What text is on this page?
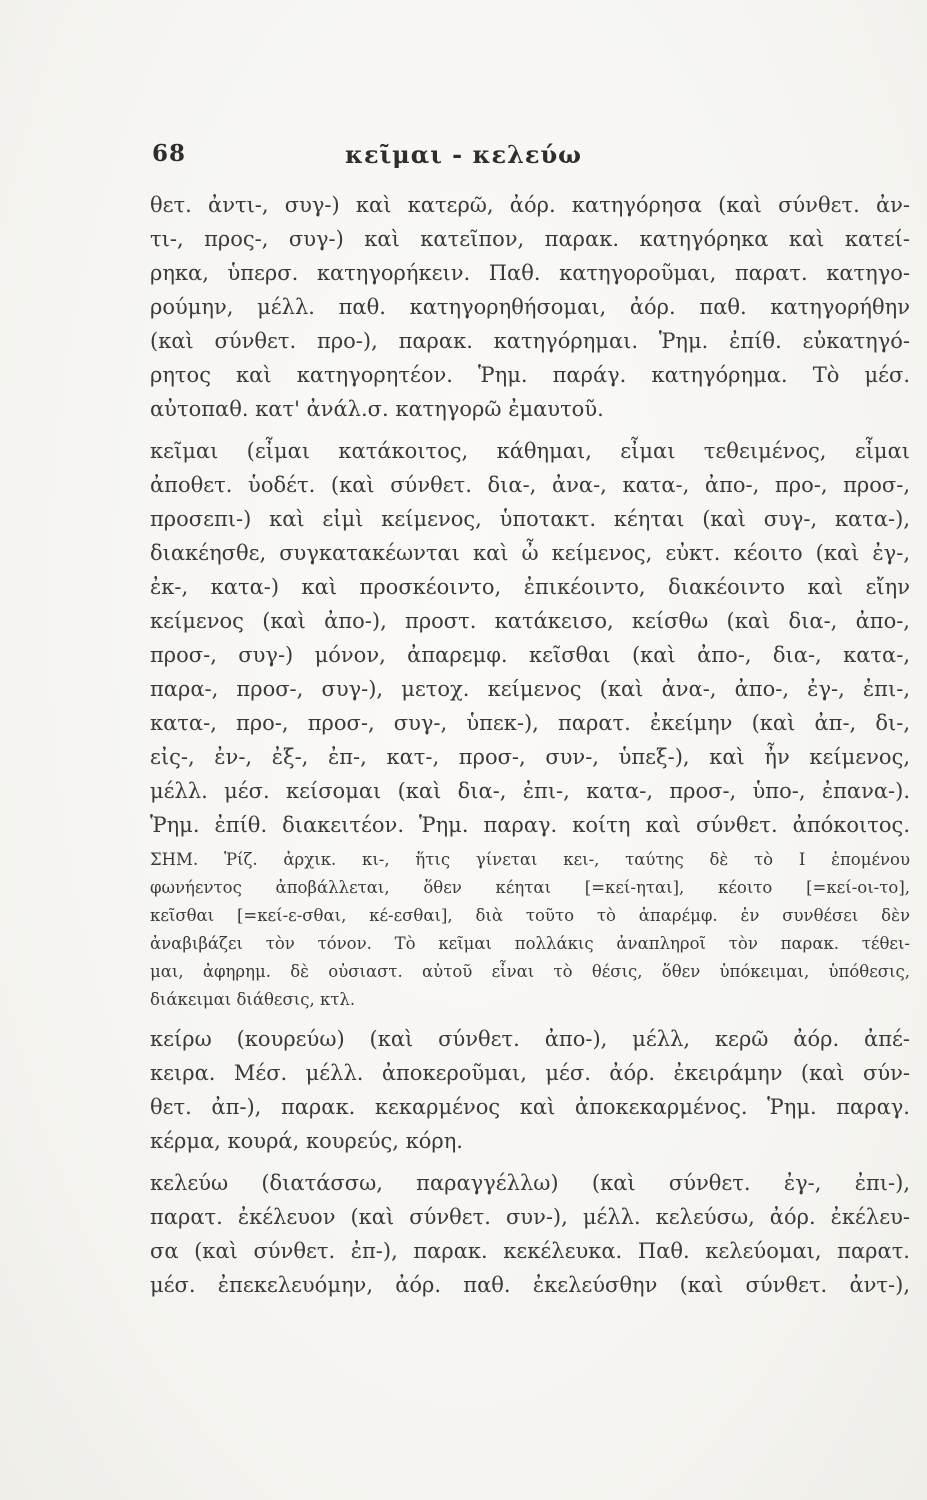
68	κεῖμαι - κελεύω
θετ. ἀντι-, συγ-) καὶ κατερῶ, ἀόρ. κατηγόρησα (καὶ σύνθετ. ἀν-
τι-, προς-, συγ-) καὶ κατεῖπον, παρακ. κατηγόρηκα καὶ κατεί-
ρηκα, ὑπερσ. κατηγορήκειν. Παθ. κατηγοροῦμαι, παρατ. κατηγο-
ρούμην, μέλλ. παθ. κατηγορηθήσομαι, ἀόρ. παθ. κατηγορήθην
(καὶ σύνθετ. προ-), παρακ. κατηγόρημαι. Ῥημ. ἐπίθ. εὐκατηγό-
ρητος καὶ κατηγορητέον. Ῥημ. παράγ. κατηγόρημα. Τὸ μέσ.
αὐτοπαθ. κατ' ἀνάλ.σ. κατηγορῶ ἐμαυτοῦ.
κεῖμαι (εἶμαι κατάκοιτος, κάθημαι, εἶμαι τεθειμένος, εἶμαι
ἀποθετ. ὑοδέτ. (καὶ σύνθετ. δια-, ἀνα-, κατα-, ἀπο-, προ-, προσ-,
προσεπι-) καὶ εἰμὶ κείμενος, ὑποτακτ. κέηται (καὶ συγ-, κατα-),
διακέησθε, συγκατακέωνται καὶ ὦ κείμενος, εὐκτ. κέοιτο (καὶ ἐγ-,
ἐκ-, κατα-) καὶ προσκέοιντο, ἐπικέοιντο, διακέοιντο καὶ εἴην
κείμενος (καὶ ἀπο-), προστ. κατάκεισο, κείσθω (καὶ δια-, ἀπο-,
προσ-, συγ-) μόνον, ἀπαρεμφ. κεῖσθαι (καὶ ἀπο-, δια-, κατα-,
παρα-, προσ-, συγ-), μετοχ. κείμενος (καὶ ἀνα-, ἀπο-, ἐγ-, ἐπι-,
κατα-, προ-, προσ-, συγ-, ὑπεκ-), παρατ. ἐκείμην (καὶ ἀπ-, δι-,
εἰς-, ἐν-, ἐξ-, ἐπ-, κατ-, προσ-, συν-, ὑπεξ-), καὶ ἦν κείμενος,
μέλλ. μέσ. κείσομαι (καὶ δια-, ἐπι-, κατα-, προσ-, ὑπο-, ἐπανα-).
Ῥημ. ἐπίθ. διακειτέον. Ῥημ. παραγ. κοίτη καὶ σύνθετ. ἀπόκοιτος.
ΣΗΜ. Ῥίζ. ἀρχικ. κι-, ἥτις γίνεται κει-, ταύτης δὲ τὸ Ι ἐπομένου
φωνήεντος ἀποβάλλεται, ὅθεν κέηται [=κεί-ηται], κέοιτο [=κεί-οι-το],
κεῖσθαι [=κεί-ε-σθαι, κέ-εσθαι], διὰ τοῦτο τὸ ἀπαρέμφ. ἐν συνθέσει δὲν
ἀναβιβάζει τὸν τόνον. Τὸ κεῖμαι πολλάκις ἀναπληροῖ τὸν παρακ. τέθει-
μαι, ἀφηρημ. δὲ οὐσιαστ. αὐτοῦ εἶναι τὸ θέσις, ὅθεν ὑπόκειμαι, ὑπόθεσις,
διάκειμαι διάθεσις, κτλ.
κείρω (κουρεύω) (καὶ σύνθετ. ἀπο-), μέλλ, κερῶ ἀόρ. ἀπέ-
κειρα. Μέσ. μέλλ. ἀποκεροῦμαι, μέσ. ἀόρ. ἐκειράμην (καὶ σύν-
θετ. ἀπ-), παρακ. κεκαρμένος καὶ ἀποκεκαρμένος. Ῥημ. παραγ.
κέρμα, κουρά, κουρεύς, κόρη.
κελεύω (διατάσσω, παραγγέλλω) (καὶ σύνθετ. ἐγ-, ἐπι-),
παρατ. ἐκέλευον (καὶ σύνθετ. συν-), μέλλ. κελεύσω, ἀόρ. ἐκέλευ-
σα (καὶ σύνθετ. ἐπ-), παρακ. κεκέλευκα. Παθ. κελεύομαι, παρατ.
μέσ. ἐπεκελευόμην, ἀόρ. παθ. ἐκελεύσθην (καὶ σύνθετ. ἀντ-),
